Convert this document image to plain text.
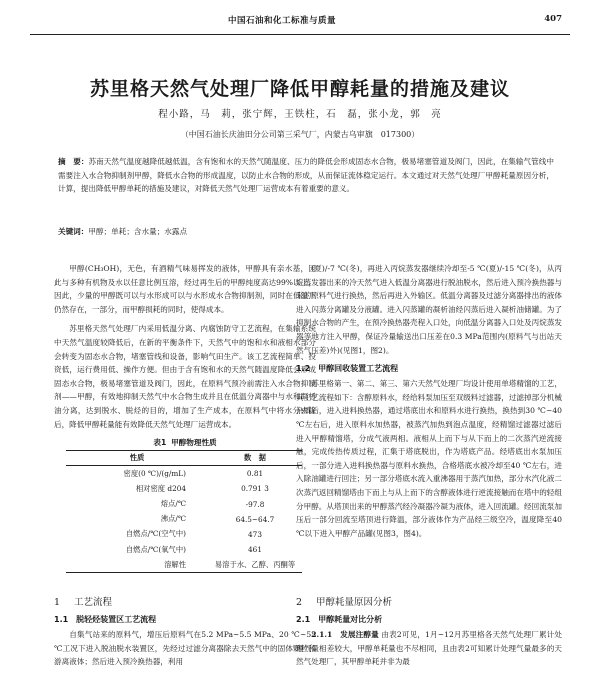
中国石油和化工标准与质量	407
苏里格天然气处理厂降低甲醇耗量的措施及建议
程小路，马　莉，张宁辉，王铁柱，石　磊，张小龙，郭　亮
（中国石油长庆油田分公司第三采气厂，内蒙古乌审旗　017300）

摘　要：苏南天然气温度越降低越低温，含有饱和水的天然气随温度、压力的降低会形成固态水合物，极易堵塞管道及阀门，因此，在集输气管线中需要注入水合物抑制剂甲醇，降低水合物的形成温度，以防止水合物的形成，从而保证流体稳定运行。本文通过对天然气处理厂甲醇耗量原因分析，计算，提出降低甲醇单耗的措施及建议，对降低天然气处理厂运营成本有着重要的意义。

关键词：甲醇；单耗；含水量；水露点

甲醇(CH₃OH)，无色，有酒精气味易挥发的液体，甲醇具有亲水基，因此与多种有机物及水以任意比例互溶，经过再生后的甲醇纯度高达99%以上，因此，少量的甲醇既可以与水形成可以与水形成水合物抑制剂，同时在低温下仍然存在，一部分，而甲醇损耗的同时，使得成本。

苏里格天然气处理厂内采用低温分离、内腐蚀防守工艺流程，在集输系统中天然气温度较降低后，在新的平衡条件下，天然气中的饱和水和液相水部分会转变为固态水合物，堵塞管线和设备，影响气田生产。该工艺流程简单、投资低，运行费用低、操作方便。但由于含有饱和水的天然气随温度降低会形成固态水合物，极易堵塞管道及阀门，因此，在原料气预冷前需注入水合物抑制剂——甲醇，有效地抑制天然气中水合物生成并且在低温分离器中与水和凝析油分离，达到脱水、脱烃的目的，增加了生产成本，在原料气中将水分去除后，降低甲醇耗量能有效降低天然气处理厂运营成本。

表1 甲醇物理性质

性质	数　据
密度(0 ℃)/(g/mL)	0.81
相对密度 d204	0.791 3
熔点/℃	-97.8
沸点/℃	64.5~64.7
自燃点/℃(空气中)	473
自燃点/℃(氧气中)	461
溶解性	易溶于水、乙醇、丙酮等

1 工艺流程

1.1　脱轻烃装置区工艺流程

自集气站来的原料气，增压后原料气在5.2 MPa~5.5 MPa、20 ℃~55 ℃工况下进入脱油脱水装置区，先经过过滤分离器除去天然气中的固体颗粒和游离液体；然后进入预冷换热器，利用

(夏)/-7 ℃(冬)，再进入丙烷蒸发器继续冷却至-5 ℃(夏)/-15 ℃(冬)，从丙烷蒸发器出来的冷天然气进入低温分离器进行脱油脱水，然后进入预冷换热器与来的原料气进行换热，然后再进入外输区。低温分离器及过滤分离器排出的液体进入闪蒸分离罐及分液罐。进入闪蒸罐的凝析油经闪蒸后进入凝析油储罐。为了抑制水合物的产生，在预冷换热器壳程入口处，向低温分离器入口处及丙烷蒸发器等地方注入甲醇，保证冷量输送出口压差在0.3 MPa范围内(原料气与出站天然气压差)外)(见图1，图2)。

1.2　甲醇回收装置工艺流程

苏里格第一、第二、第三、第六天然气处理厂均设计使用单塔精馏的工艺，其工艺流程如下：含醇原料水，经给料泵加压至双级料过滤器，过滤掉部分机械杂质后，进入进料换热器，通过塔底出水和原料水进行换热，换热到30 ℃~40 ℃左右后，进入原料水加热器，被蒸汽加热到泡点温度，经精馏过滤器过滤后进入甲醇精馏塔，分成气液两相。液相从上而下与从下而上的二次蒸汽逆流接触，完成传热传质过程，汇集于塔底脱出，作为塔底产品。经塔底出水泵加压后，一部分进入进料换热器与原料水换热，合格塔底水被冷却至40 ℃左右，进入除油罐进行回注；另一部分塔底水流入重沸器用于蒸汽加热，部分水汽化液二次蒸汽返回精馏塔由下而上与从上而下的含醇液体进行逆流接触而在塔中的轻组分甲醇。从塔顶出来的甲醇蒸汽经冷凝器冷凝为液体，进入回流罐。经回流泵加压后一部分回流至塔顶进行降温，部分液体作为产品经三级空冷，温度降至40 ℃以下进入甲醇产品罐(见图3，图4)。

2 甲醇耗量原因分析

2.1　甲醇耗量对比分析

2.1.1　发展注醇量 由表2可见，1月~12月苏里格各天然气处理厂累计处理气量相差较大，甲醇单耗量也不尽相同，且由表2可知累计处理气量最多的天然气处理厂，其甲醇单耗并非为最
